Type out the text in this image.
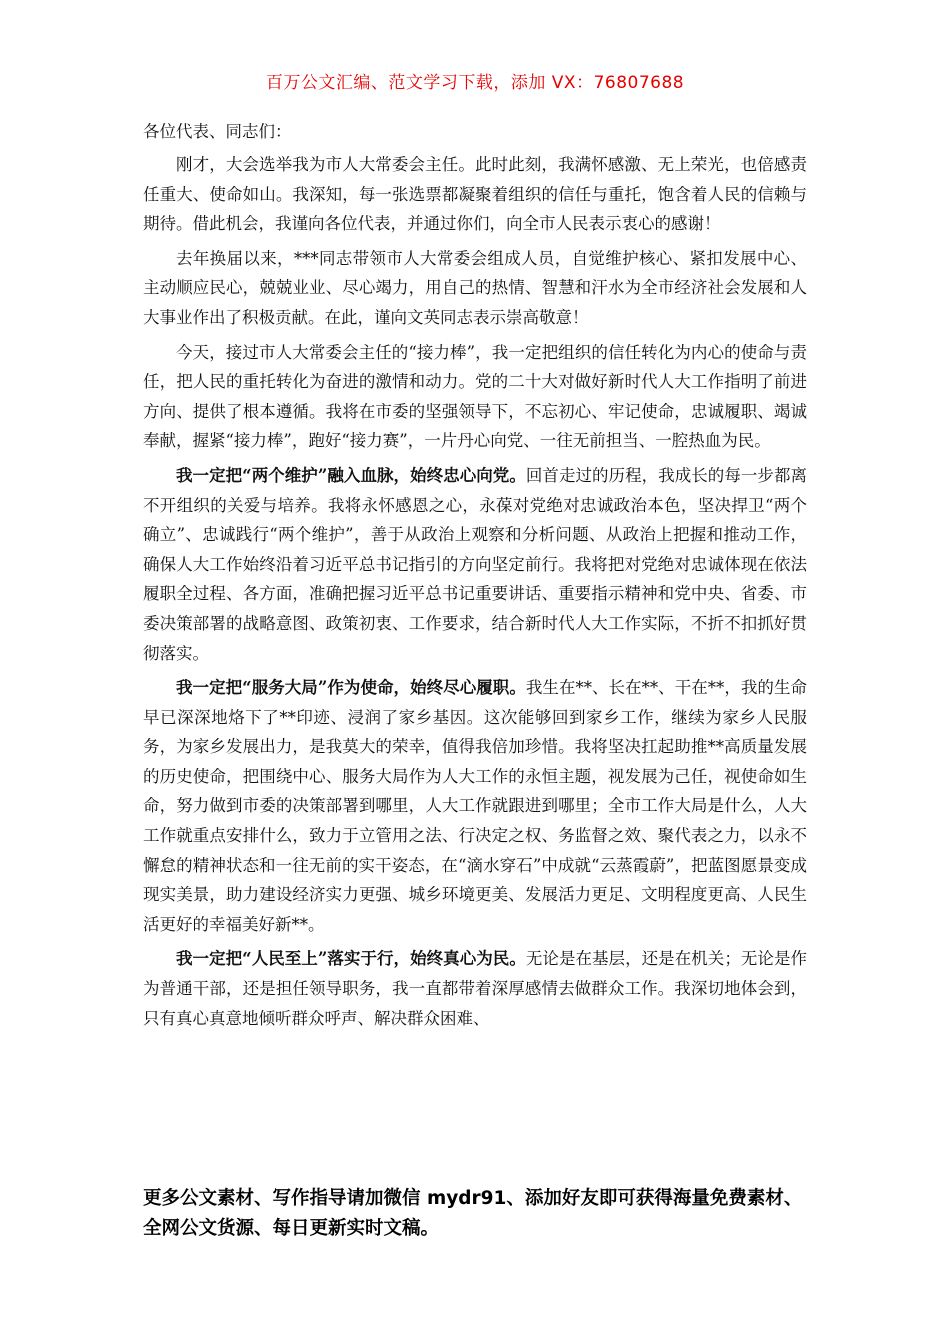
百万公文汇编、范文学习下载，添加 VX：76807688

各位代表、同志们：

刚才，大会选举我为市人大常委会主任。此时此刻，我满怀感激、无上荣光，也倍感责任重大、使命如山。我深知，每一张选票都凝聚着组织的信任与重托，饱含着人民的信赖与期待。借此机会，我谨向各位代表，并通过你们，向全市人民表示衷心的感谢！

去年换届以来，***同志带领市人大常委会组成人员，自觉维护核心、紧扣发展中心、主动顺应民心，兢兢业业、尽心竭力，用自己的热情、智慧和汗水为全市经济社会发展和人大事业作出了积极贡献。在此，谨向文英同志表示崇高敬意！

今天，接过市人大常委会主任的“接力棒”，我一定把组织的信任转化为内心的使命与责任，把人民的重托转化为奋进的激情和动力。党的二十大对做好新时代人大工作指明了前进方向、提供了根本遵循。我将在市委的坚强领导下，不忘初心、牢记使命，忠诚履职、竭诚奉献，握紧“接力棒”，跑好“接力赛”，一片丹心向党、一往无前担当、一腔热血为民。

我一定把“两个维护”融入血脉，始终忠心向党。回首走过的历程，我成长的每一步都离不开组织的关爱与培养。我将永怀感恩之心，永葆对党绝对忠诚政治本色，坚决捍卫“两个确立”、忠诚践行“两个维护”，善于从政治上观察和分析问题、从政治上把握和推动工作，确保人大工作始终沿着习近平总书记指引的方向坚定前行。我将把对党绝对忠诚体现在依法履职全过程、各方面，准确把握习近平总书记重要讲话、重要指示精神和党中央、省委、市委决策部署的战略意图、政策初衷、工作要求，结合新时代人大工作实际，不折不扣抓好贯彻落实。

我一定把“服务大局”作为使命，始终尽心履职。我生在**、长在**、干在**，我的生命早已深深地烙下了**印迹、浸润了家乡基因。这次能够回到家乡工作，继续为家乡人民服务，为家乡发展出力，是我莫大的荣幸，值得我倍加珍惜。我将坚决扛起助推**高质量发展的历史使命，把围绕中心、服务大局作为人大工作的永恒主题，视发展为己任，视使命如生命，努力做到市委的决策部署到哪里，人大工作就跟进到哪里；全市工作大局是什么，人大工作就重点安排什么，致力于立管用之法、行决定之权、务监督之效、聚代表之力，以永不懈怠的精神状态和一往无前的实干姿态，在“滴水穿石”中成就“云蒸霞蔚”，把蓝图愿景变成现实美景，助力建设经济实力更强、城乡环境更美、发展活力更足、文明程度更高、人民生活更好的幸福美好新**。

我一定把“人民至上”落实于行，始终真心为民。无论是在基层，还是在机关；无论是作为普通干部，还是担任领导职务，我一直都带着深厚感情去做群众工作。我深切地体会到，只有真心真意地倾听群众呼声、解决群众困难、

更多公文素材、写作指导请加微信 mydr91、添加好友即可获得海量免费素材、全网公文货源、每日更新实时文稿。
